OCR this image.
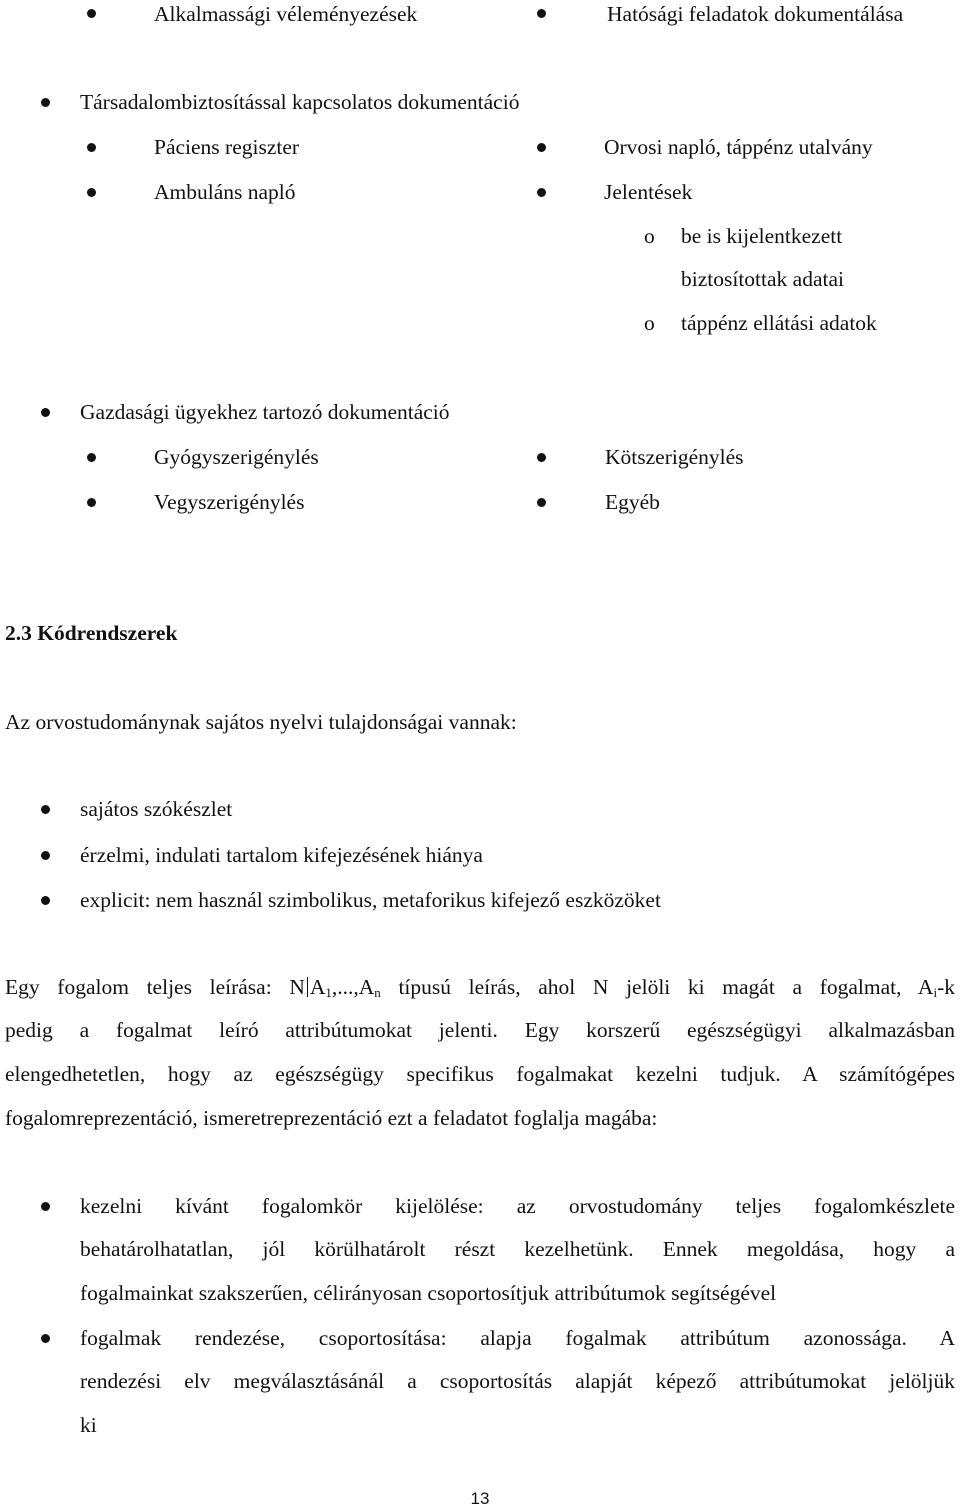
Alkalmassági véleményezések	Hatósági feladatok dokumentálása
Társadalombiztosítással kapcsolatos dokumentáció
Páciens regiszter	Orvosi napló, táppénz utalvány
Ambuláns napló	Jelentések
o be is kijelentkezett
biztosítottak adatai
o táppénz ellátási adatok
Gazdasági ügyekhez tartozó dokumentáció
Gyógyszerigénylés	Kötszerigénylés
Vegyszerigénylés	Egyéb
2.3 Kódrendszerek
Az orvostudománynak sajátos nyelvi tulajdonságai vannak:
sajátos szókészlet
érzelmi, indulati tartalom kifejezésének hiánya
explicit: nem használ szimbolikus, metaforikus kifejező eszközöket
Egy fogalom teljes leírása: N $A_1,...,A_n$ típusú leírás, ahol N jelöli ki magát a fogalmat, $A_i-k$
pedig a fogalmat leíró attribútumokat jelenti. Egy korszerű egészségügyi alkalmazásban
elengedhetetlen, hogy az egészségügy specifikus fogalmakat kezelni tudjuk. A számítógépes
fogalomreprezentáció, ismeretreprezentáció ezt a feladatot foglalja magába:
kezelni kívánt fogalomkör kijelölése: az orvostudomány teljes fogalomkészlete
behatárolhatatlan, jól körülhatárolt részt kezelhetünk. Ennek megoldása, hogy a
fogalmainkat szakszerűen, célirányosan csoportosítjuk attribútumok segítségével
fogalmak rendezése, csoportosítása: alapja fogalmak attribútum azonossága. A
rendezési elv megválasztásánál a csoportosítás alapját képező attribútumokat jelöljük
ki
13
